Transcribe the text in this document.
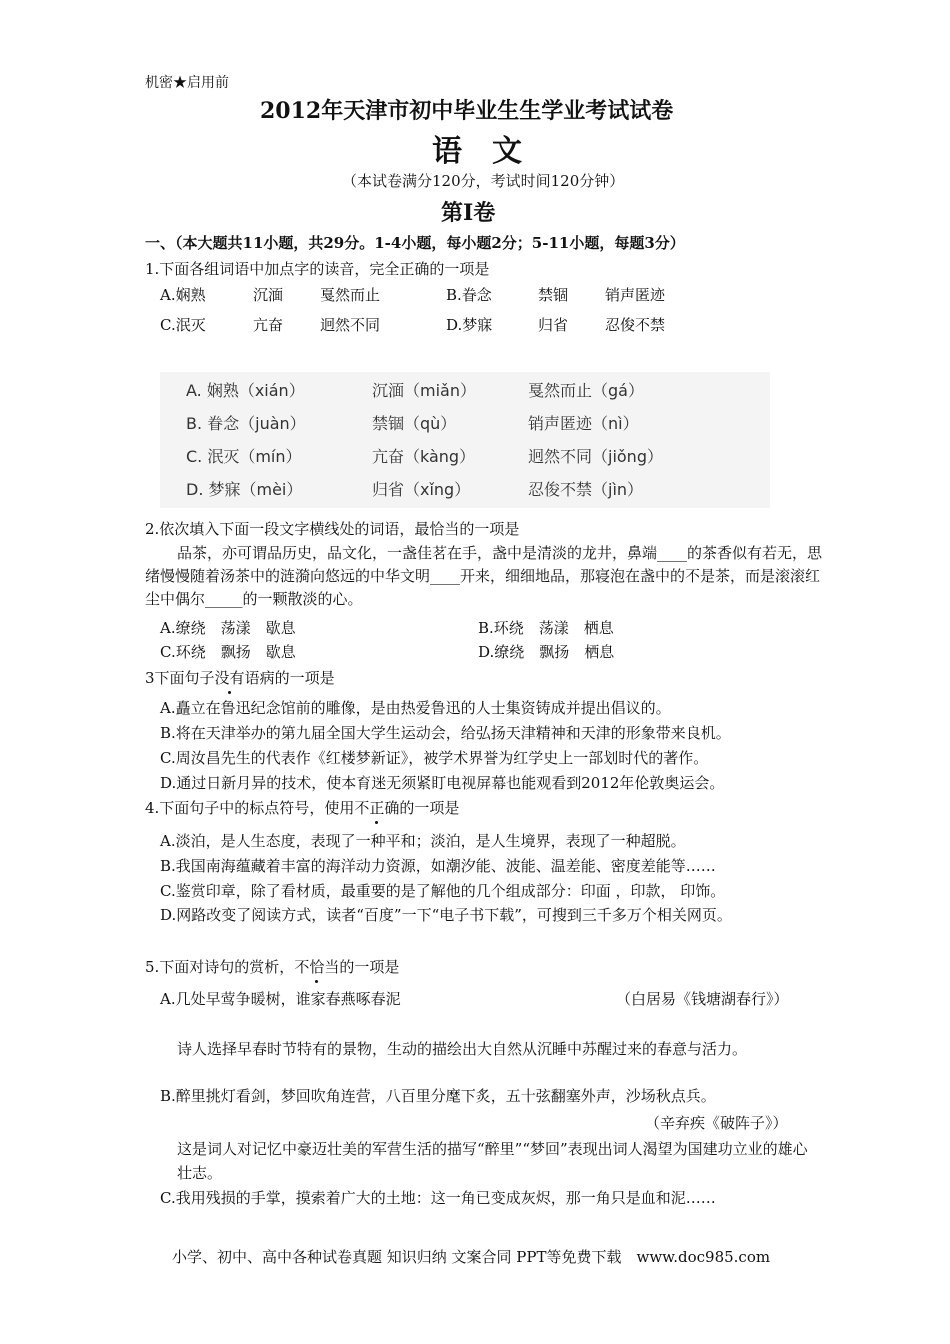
机密★启用前
2012年天津市初中毕业生生学业考试试卷
语　文
（本试卷满分120分，考试时间120分钟）
第Ⅰ卷
一、（本大题共11小题，共29分。1-4小题，每小题2分；5-11小题，每题3分）
1.下面各组词语中加点字的读音，完全正确的一项是
A.娴熟	沉湎 戛然而止	B.眷念	禁锢 销声匿迹
C.泯灭	亢奋 迥然不同	D.梦寐	归省 忍俊不禁
A. 娴熟（xián）	沉湎（miǎn）	戛然而止（gá）
B. 眷念（juàn）	禁锢（qù）	销声匿迹（nì）
C. 泯灭（mín）	亢奋（kàng）	迥然不同（jiǒng）
D. 梦寐（mèi）	归省（xǐng）	忍俊不禁（jìn）
2.依次填入下面一段文字横线处的词语，最恰当的一项是
品茶，亦可谓品历史，品文化，一盏佳茗在手，盏中是清淡的龙井，鼻端____的茶香似有若无，思绪慢慢随着汤茶中的涟漪向悠远的中华文明____开来，细细地品，那寝泡在盏中的不是茶，而是滚滚红尘中偶尔_____的一颗散淡的心。
A.缭绕　荡漾　歇息	B.环绕　荡漾　栖息
C.环绕　飘扬　歇息	D.缭绕　飘扬　栖息
3下面句子没有语病的一项是
A.矗立在鲁迅纪念馆前的雕像，是由热爱鲁迅的人士集资铸成并提出倡议的。
B.将在天津举办的第九届全国大学生运动会，给弘扬天津精神和天津的形象带来良机。
C.周汝昌先生的代表作《红楼梦新证》，被学术界誉为红学史上一部划时代的著作。
D.通过日新月异的技术，使本育迷无须紧盯电视屏幕也能观看到2012年伦敦奥运会。
4.下面句子中的标点符号，使用不正确的一项是
A.淡泊，是人生态度，表现了一种平和；淡泊，是人生境界，表现了一种超脱。
B.我国南海蕴藏着丰富的海洋动力资源，如潮汐能、波能、温差能、密度差能等……
C.鉴赏印章，除了看材质，最重要的是了解他的几个组成部分：印面 ，印款， 印饰。
D.网路改变了阅读方式，读者“百度”一下“电子书下载”，可搜到三千多万个相关网页。
5.下面对诗句的赏析，不恰当的一项是
A.几处早莺争暖树，谁家春燕啄春泥	（白居易《钱塘湖春行》）
诗人选择早春时节特有的景物，生动的描绘出大自然从沉睡中苏醒过来的春意与活力。
B.醉里挑灯看剑，梦回吹角连营，八百里分麾下炙，五十弦翻塞外声，沙场秋点兵。
（辛弃疾《破阵子》）
这是词人对记忆中豪迈壮美的军营生活的描写“醉里”“梦回”表现出词人渴望为国建功立业的雄心壮志。
C.我用残损的手掌，摸索着广大的土地：这一角已变成灰烬，那一角只是血和泥……
小学、初中、高中各种试卷真题 知识归纳 文案合同 PPT等免费下载　www.doc985.com
